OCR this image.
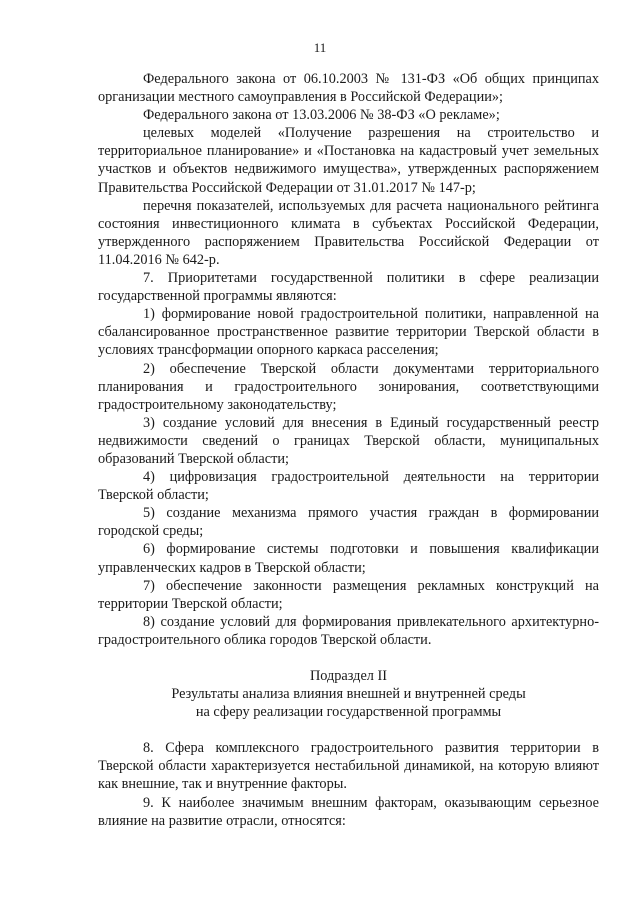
11

Федерального закона от 06.10.2003 № 131-ФЗ «Об общих принципах организации местного самоуправления в Российской Федерации»;

Федерального закона от 13.03.2006 № 38-ФЗ «О рекламе»;

целевых моделей «Получение разрешения на строительство и территориальное планирование» и «Постановка на кадастровый учет земельных участков и объектов недвижимого имущества», утвержденных распоряжением Правительства Российской Федерации от 31.01.2017 № 147-р;

перечня показателей, используемых для расчета национального рейтинга состояния инвестиционного климата в субъектах Российской Федерации, утвержденного распоряжением Правительства Российской Федерации от 11.04.2016 № 642-р.

7. Приоритетами государственной политики в сфере реализации государственной программы являются:

1) формирование новой градостроительной политики, направленной на сбалансированное пространственное развитие территории Тверской области в условиях трансформации опорного каркаса расселения;

2) обеспечение Тверской области документами территориального планирования и градостроительного зонирования, соответствующими градостроительному законодательству;

3) создание условий для внесения в Единый государственный реестр недвижимости сведений о границах Тверской области, муниципальных образований Тверской области;

4) цифровизация градостроительной деятельности на территории Тверской области;

5) создание механизма прямого участия граждан в формировании городской среды;

6) формирование системы подготовки и повышения квалификации управленческих кадров в Тверской области;

7) обеспечение законности размещения рекламных конструкций на территории Тверской области;

8) создание условий для формирования привлекательного архитектурно-градостроительного облика городов Тверской области.

Подраздел II

Результаты анализа влияния внешней и внутренней среды

на сферу реализации государственной программы

8. Сфера комплексного градостроительного развития территории в Тверской области характеризуется нестабильной динамикой, на которую влияют как внешние, так и внутренние факторы.

9. К наиболее значимым внешним факторам, оказывающим серьезное влияние на развитие отрасли, относятся:
